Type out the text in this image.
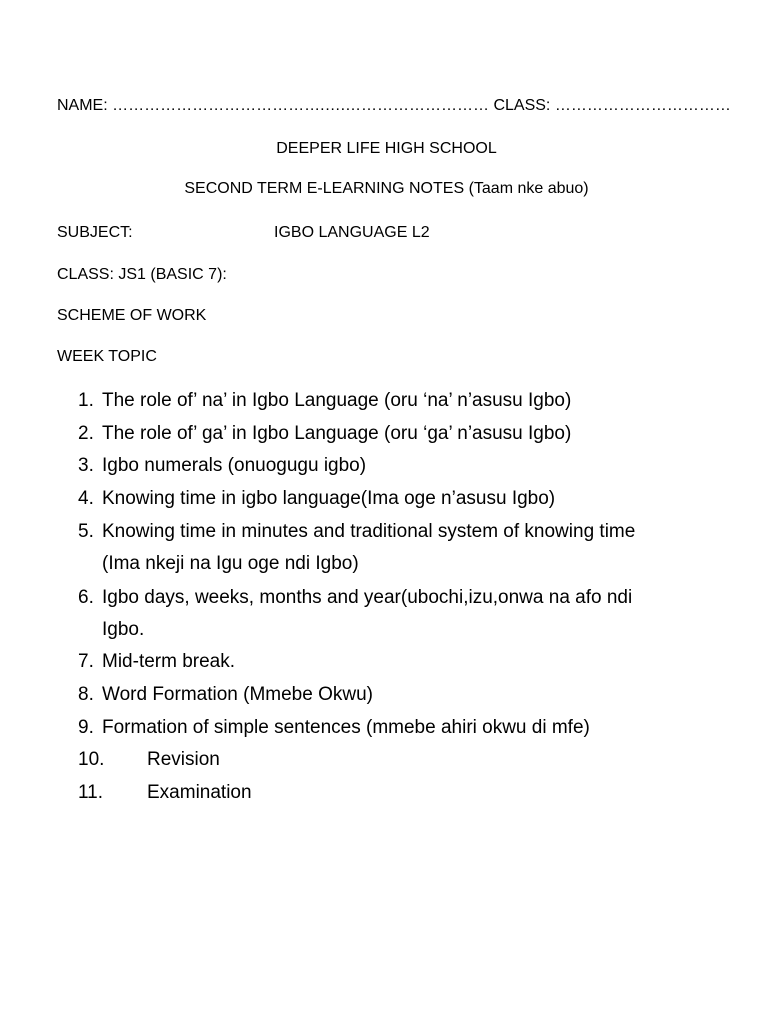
NAME: ………………………………….….……………………… CLASS: ……………………………
DEEPER LIFE HIGH SCHOOL
SECOND TERM E-LEARNING NOTES (Taam nke abuo)
SUBJECT:	IGBO LANGUAGE L2
CLASS: JS1 (BASIC 7):
SCHEME OF WORK
WEEK TOPIC
1. The role of’ na’ in Igbo Language (oru ‘na’ n’asusu Igbo)
2. The role of’ ga’ in Igbo Language (oru ‘ga’ n’asusu Igbo)
3. Igbo numerals (onuogugu igbo)
4. Knowing time in igbo language(Ima oge n’asusu Igbo)
5. Knowing time in minutes and traditional system of knowing time
(Ima nkeji na Igu oge ndi Igbo)
6. Igbo days, weeks, months and year(ubochi,izu,onwa na afo ndi
Igbo.
7. Mid-term break.
8. Word Formation (Mmebe Okwu)
9. Formation of simple sentences (mmebe ahiri okwu di mfe)
10. Revision
11. Examination
